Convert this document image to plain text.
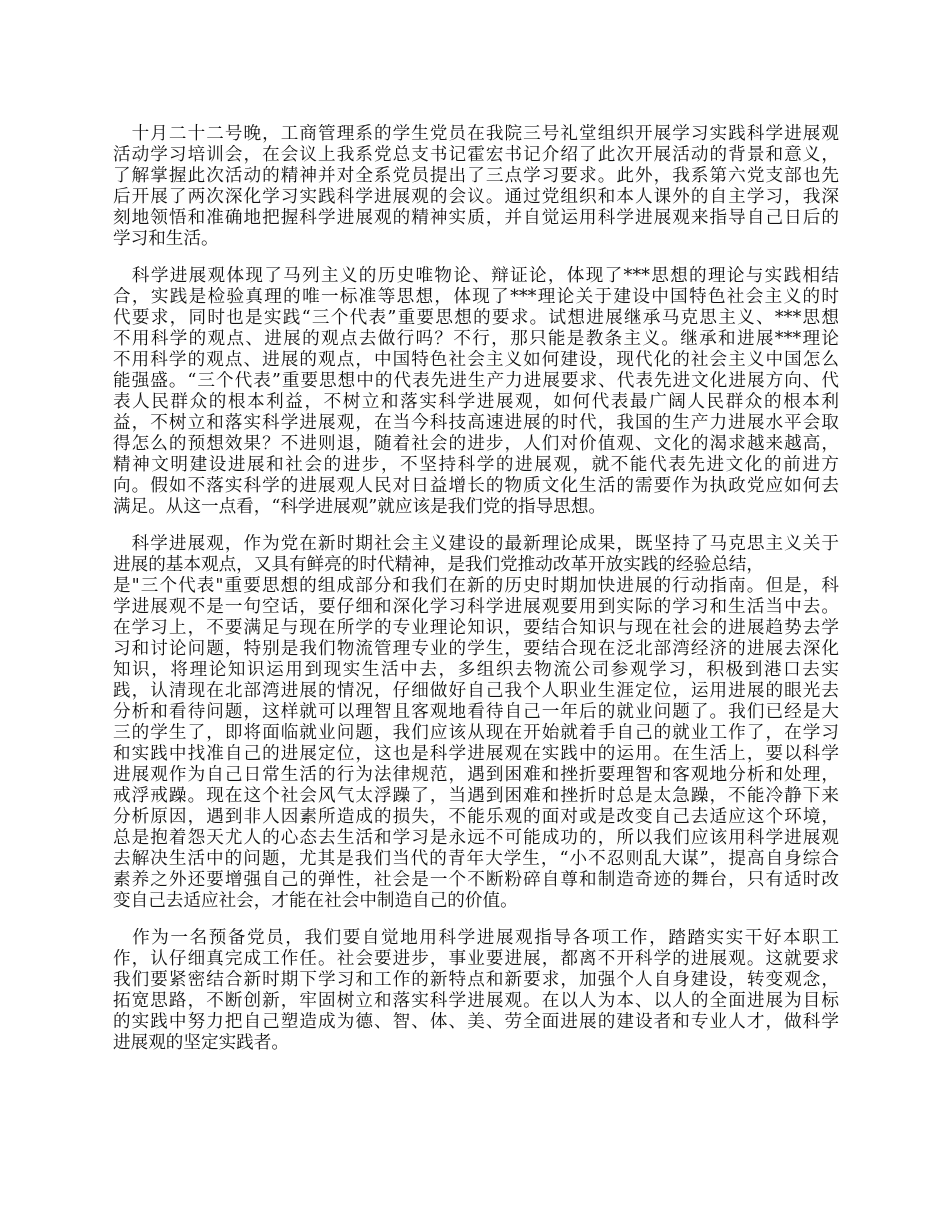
　十月二十二号晚，工商管理系的学生党员在我院三号礼堂组织开展学习实践科学进展观
活动学习培训会，在会议上我系党总支书记霍宏书记介绍了此次开展活动的背景和意义，
了解掌握此次活动的精神并对全系党员提出了三点学习要求。此外，我系第六党支部也先
后开展了两次深化学习实践科学进展观的会议。通过党组织和本人课外的自主学习，我深
刻地领悟和准确地把握科学进展观的精神实质，并自觉运用科学进展观来指导自己日后的
学习和生活。
　科学进展观体现了马列主义的历史唯物论、辩证论，体现了***思想的理论与实践相结
合，实践是检验真理的唯一标准等思想，体现了***理论关于建设中国特色社会主义的时
代要求，同时也是实践“三个代表”重要思想的要求。试想进展继承马克思主义、***思想
不用科学的观点、进展的观点去做行吗？不行，那只能是教条主义。继承和进展***理论
不用科学的观点、进展的观点，中国特色社会主义如何建设，现代化的社会主义中国怎么
能强盛。“三个代表”重要思想中的代表先进生产力进展要求、代表先进文化进展方向、代
表人民群众的根本利益，不树立和落实科学进展观，如何代表最广阔人民群众的根本利
益，不树立和落实科学进展观，在当今科技高速进展的时代，我国的生产力进展水平会取
得怎么的预想效果？不进则退，随着社会的进步，人们对价值观、文化的渴求越来越高，
精神文明建设进展和社会的进步，不坚持科学的进展观，就不能代表先进文化的前进方
向。假如不落实科学的进展观人民对日益增长的物质文化生活的需要作为执政党应如何去
满足。从这一点看，“科学进展观”就应该是我们党的指导思想。
　科学进展观，作为党在新时期社会主义建设的最新理论成果，既坚持了马克思主义关于
进展的基本观点，又具有鲜亮的时代精神，是我们党推动改革开放实践的经验总结，
是"三个代表"重要思想的组成部分和我们在新的历史时期加快进展的行动指南。但是，科
学进展观不是一句空话，要仔细和深化学习科学进展观要用到实际的学习和生活当中去。
在学习上，不要满足与现在所学的专业理论知识，要结合知识与现在社会的进展趋势去学
习和讨论问题，特别是我们物流管理专业的学生，要结合现在泛北部湾经济的进展去深化
知识，将理论知识运用到现实生活中去，多组织去物流公司参观学习，积极到港口去实
践，认清现在北部湾进展的情况，仔细做好自己我个人职业生涯定位，运用进展的眼光去
分析和看待问题，这样就可以理智且客观地看待自己一年后的就业问题了。我们已经是大
三的学生了，即将面临就业问题，我们应该从现在开始就着手自己的就业工作了，在学习
和实践中找准自己的进展定位，这也是科学进展观在实践中的运用。在生活上，要以科学
进展观作为自己日常生活的行为法律规范，遇到困难和挫折要理智和客观地分析和处理，
戒浮戒躁。现在这个社会风气太浮躁了，当遇到困难和挫折时总是太急躁，不能冷静下来
分析原因，遇到非人因素所造成的损失，不能乐观的面对或是改变自己去适应这个环境，
总是抱着怨天尤人的心态去生活和学习是永远不可能成功的，所以我们应该用科学进展观
去解决生活中的问题，尤其是我们当代的青年大学生，“小不忍则乱大谋”，提高自身综合
素养之外还要增强自己的弹性，社会是一个不断粉碎自尊和制造奇迹的舞台，只有适时改
变自己去适应社会，才能在社会中制造自己的价值。
　作为一名预备党员，我们要自觉地用科学进展观指导各项工作，踏踏实实干好本职工
作，认仔细真完成工作任。社会要进步，事业要进展，都离不开科学的进展观。这就要求
我们要紧密结合新时期下学习和工作的新特点和新要求，加强个人自身建设，转变观念，
拓宽思路，不断创新，牢固树立和落实科学进展观。在以人为本、以人的全面进展为目标
的实践中努力把自己塑造成为德、智、体、美、劳全面进展的建设者和专业人才，做科学
进展观的坚定实践者。
